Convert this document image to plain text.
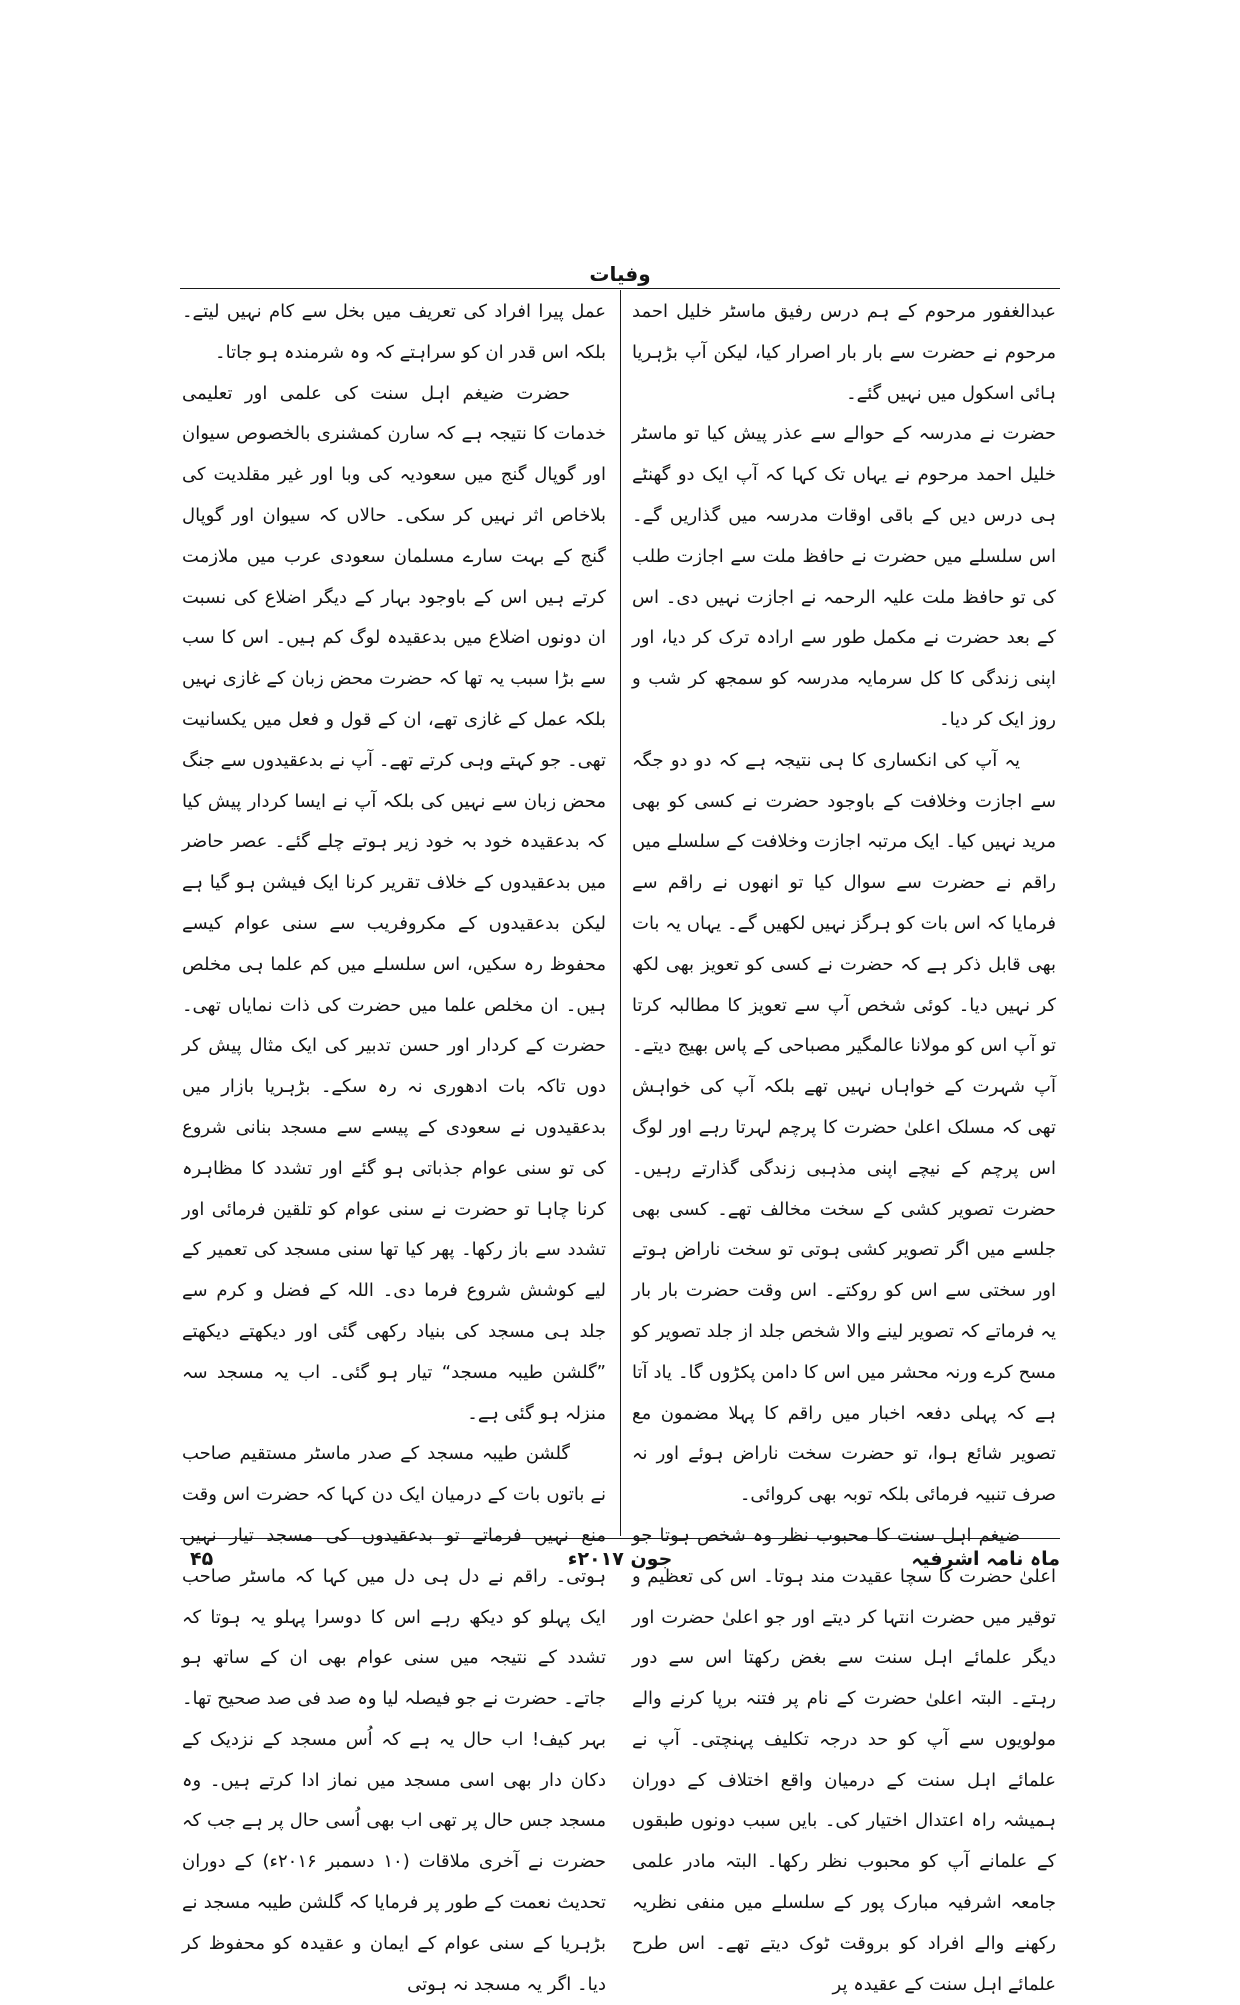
وفیات

عبدالغفور مرحوم کے ہم درس رفیق ماسٹر خلیل احمد مرحوم نے حضرت سے بار بار اصرار کیا، لیکن آپ بڑہریا ہائی اسکول میں نہیں گئے۔

حضرت نے مدرسہ کے حوالے سے عذر پیش کیا تو ماسٹر خلیل احمد مرحوم نے یہاں تک کہا کہ آپ ایک دو گھنٹے ہی درس دیں کے باقی اوقات مدرسہ میں گذاریں گے۔ اس سلسلے میں حضرت نے حافظ ملت سے اجازت طلب کی تو حافظ ملت علیہ الرحمہ نے اجازت نہیں دی۔ اس کے بعد حضرت نے مکمل طور سے ارادہ ترک کر دیا، اور اپنی زندگی کا کل سرمایہ مدرسہ کو سمجھ کر شب و روز ایک کر دیا۔

یہ آپ کی انکساری کا ہی نتیجہ ہے کہ دو دو جگہ سے اجازت وخلافت کے باوجود حضرت نے کسی کو بھی مرید نہیں کیا۔ ایک مرتبہ اجازت وخلافت کے سلسلے میں راقم نے حضرت سے سوال کیا تو انھوں نے راقم سے فرمایا کہ اس بات کو ہرگز نہیں لکھیں گے۔ یہاں یہ بات بھی قابل ذکر ہے کہ حضرت نے کسی کو تعویز بھی لکھ کر نہیں دیا۔ کوئی شخص آپ سے تعویز کا مطالبہ کرتا تو آپ اس کو مولانا عالمگیر مصباحی کے پاس بھیج دیتے۔ آپ شہرت کے خواہاں نہیں تھے بلکہ آپ کی خواہش تھی کہ مسلک اعلیٰ حضرت کا پرچم لہرتا رہے اور لوگ اس پرچم کے نیچے اپنی مذہبی زندگی گذارتے رہیں۔ حضرت تصویر کشی کے سخت مخالف تھے۔ کسی بھی جلسے میں اگر تصویر کشی ہوتی تو سخت ناراض ہوتے اور سختی سے اس کو روکتے۔ اس وقت حضرت بار بار یہ فرماتے کہ تصویر لینے والا شخص جلد از جلد تصویر کو مسح کرے ورنہ محشر میں اس کا دامن پکڑوں گا۔ یاد آتا ہے کہ پہلی دفعہ اخبار میں راقم کا پہلا مضمون مع تصویر شائع ہوا، تو حضرت سخت ناراض ہوئے اور نہ صرف تنبیہ فرمائی بلکہ توبہ بھی کروائی۔

ضیغم اہل سنت کا محبوب نظر وہ شخص ہوتا جو اعلیٰ حضرت کا سچا عقیدت مند ہوتا۔ اس کی تعظیم و توقیر میں حضرت انتہا کر دیتے اور جو اعلیٰ حضرت اور دیگر علمائے اہل سنت سے بغض رکھتا اس سے دور رہتے۔ البتہ اعلیٰ حضرت کے نام پر فتنہ برپا کرنے والے مولویوں سے آپ کو حد درجہ تکلیف پہنچتی۔ آپ نے علمائے اہل سنت کے درمیان واقع اختلاف کے دوران ہمیشہ راہ اعتدال اختیار کی۔ بایں سبب دونوں طبقوں کے علمانے آپ کو محبوب نظر رکھا۔ البتہ مادر علمی جامعہ اشرفیہ مبارک پور کے سلسلے میں منفی نظریہ رکھنے والے افراد کو بروقت ٹوک دیتے تھے۔ اس طرح علمائے اہل سنت کے عقیدہ پر

عمل پیرا افراد کی تعریف میں بخل سے کام نہیں لیتے۔ بلکہ اس قدر ان کو سراہتے کہ وہ شرمندہ ہو جاتا۔

حضرت ضیغم اہل سنت کی علمی اور تعلیمی خدمات کا نتیجہ ہے کہ سارن کمشنری بالخصوص سیوان اور گوپال گنج میں سعودیہ کی وبا اور غیر مقلدیت کی بلاخاص اثر نہیں کر سکی۔ حالاں کہ سیوان اور گوپال گنج کے بہت سارے مسلمان سعودی عرب میں ملازمت کرتے ہیں اس کے باوجود بہار کے دیگر اضلاع کی نسبت ان دونوں اضلاع میں بدعقیدہ لوگ کم ہیں۔ اس کا سب سے بڑا سبب یہ تھا کہ حضرت محض زبان کے غازی نہیں بلکہ عمل کے غازی تھے، ان کے قول و فعل میں یکسانیت تھی۔ جو کہتے وہی کرتے تھے۔ آپ نے بدعقیدوں سے جنگ محض زبان سے نہیں کی بلکہ آپ نے ایسا کردار پیش کیا کہ بدعقیدہ خود بہ خود زیر ہوتے چلے گئے۔ عصر حاضر میں بدعقیدوں کے خلاف تقریر کرنا ایک فیشن ہو گیا ہے لیکن بدعقیدوں کے مکروفریب سے سنی عوام کیسے محفوظ رہ سکیں، اس سلسلے میں کم علما ہی مخلص ہیں۔ ان مخلص علما میں حضرت کی ذات نمایاں تھی۔ حضرت کے کردار اور حسن تدبیر کی ایک مثال پیش کر دوں تاکہ بات ادھوری نہ رہ سکے۔ بڑہریا بازار میں بدعقیدوں نے سعودی کے پیسے سے مسجد بنانی شروع کی تو سنی عوام جذباتی ہو گئے اور تشدد کا مظاہرہ کرنا چاہا تو حضرت نے سنی عوام کو تلقین فرمائی اور تشدد سے باز رکھا۔ پھر کیا تھا سنی مسجد کی تعمیر کے لیے کوشش شروع فرما دی۔ اللہ کے فضل و کرم سے جلد ہی مسجد کی بنیاد رکھی گئی اور دیکھتے دیکھتے ”گلشن طیبہ مسجد“ تیار ہو گئی۔ اب یہ مسجد سہ منزلہ ہو گئی ہے۔

گلشن طیبہ مسجد کے صدر ماسٹر مستقیم صاحب نے باتوں بات کے درمیان ایک دن کہا کہ حضرت اس وقت منع نہیں فرماتے تو بدعقیدوں کی مسجد تیار نہیں ہوتی۔ راقم نے دل ہی دل میں کہا کہ ماسٹر صاحب ایک پہلو کو دیکھ رہے اس کا دوسرا پہلو یہ ہوتا کہ تشدد کے نتیجہ میں سنی عوام بھی ان کے ساتھ ہو جاتے۔ حضرت نے جو فیصلہ لیا وہ صد فی صد صحیح تھا۔ بہر کیف! اب حال یہ ہے کہ اُس مسجد کے نزدیک کے دکان دار بھی اسی مسجد میں نماز ادا کرتے ہیں۔ وہ مسجد جس حال پر تھی اب بھی اُسی حال پر ہے جب کہ حضرت نے آخری ملاقات (۱۰ دسمبر ۲۰۱۶ء) کے دوران تحدیث نعمت کے طور پر فرمایا کہ گلشن طیبہ مسجد نے بڑہریا کے سنی عوام کے ایمان و عقیدہ کو محفوظ کر دیا۔ اگر یہ مسجد نہ ہوتی

ماہ نامہ اشرفیہ
جون ۲۰۱۷ء
۴۵
